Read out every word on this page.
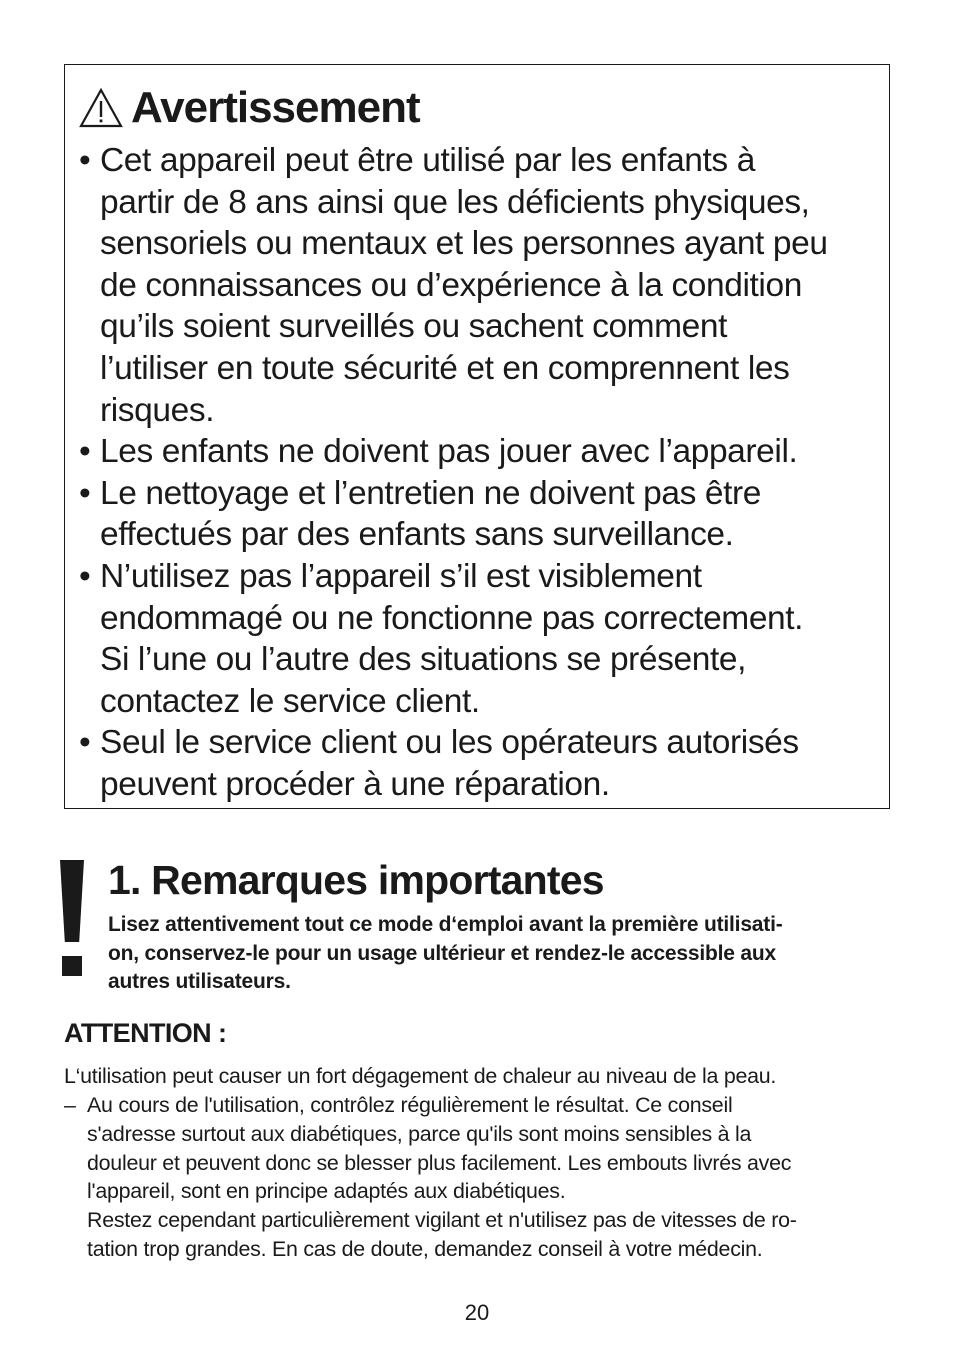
Avertissement
• Cet appareil peut être utilisé par les enfants à
partir de 8 ans ainsi que les déficients physiques,
sensoriels ou mentaux et les personnes ayant peu
de connaissances ou d’expérience à la condition
qu’ils soient surveillés ou sachent comment
l’utiliser en toute sécurité et en comprennent les
risques.
• Les enfants ne doivent pas jouer avec l’appareil.
• Le nettoyage et l’entretien ne doivent pas être
effectués par des enfants sans surveillance.
• N’utilisez pas l’appareil s’il est visiblement
endommagé ou ne fonctionne pas correctement.
Si l’une ou l’autre des situations se présente,
contactez le service client.
• Seul le service client ou les opérateurs autorisés
peuvent procéder à une réparation.
1. Remarques importantes
Lisez attentivement tout ce mode d‘emploi avant la première utilisati-
on, conservez-le pour un usage ultérieur et rendez-le accessible aux
autres utilisateurs.
ATTENTION :

L‘utilisation peut causer un fort dégagement de chaleur au niveau de la peau.

– Au cours de l'utilisation, contrôlez régulièrement le résultat. Ce conseil
s'adresse surtout aux diabétiques, parce qu'ils sont moins sensibles à la
douleur et peuvent donc se blesser plus facilement. Les embouts livrés avec
l'appareil, sont en principe adaptés aux diabétiques.
Restez cependant particulièrement vigilant et n'utilisez pas de vitesses de ro-
tation trop grandes. En cas de doute, demandez conseil à votre médecin.
20
